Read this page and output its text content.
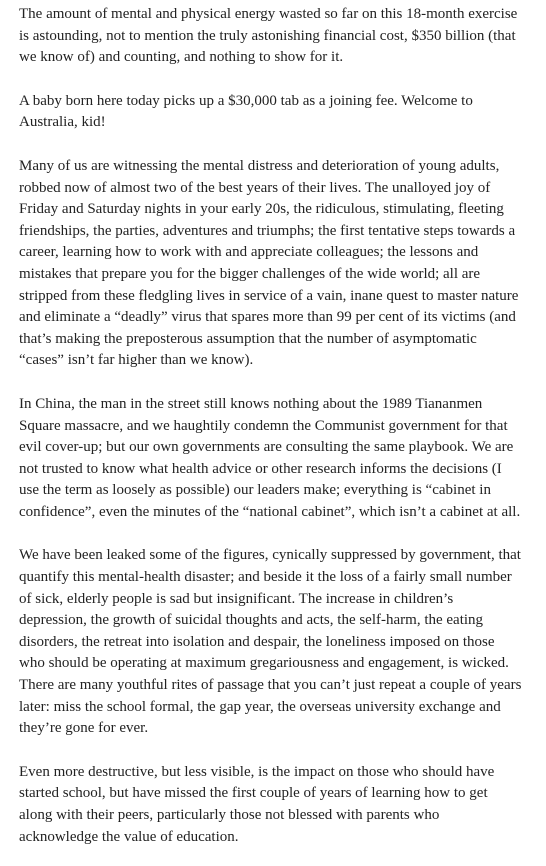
The amount of mental and physical energy wasted so far on this 18-month exercise is astounding, not to mention the truly astonishing financial cost, $350 billion (that we know of) and counting, and nothing to show for it.

A baby born here today picks up a $30,000 tab as a joining fee. Welcome to Australia, kid!

Many of us are witnessing the mental distress and deterioration of young adults, robbed now of almost two of the best years of their lives. The unalloyed joy of Friday and Saturday nights in your early 20s, the ridiculous, stimulating, fleeting friendships, the parties, adventures and triumphs; the first tentative steps towards a career, learning how to work with and appreciate colleagues; the lessons and mistakes that prepare you for the bigger challenges of the wide world; all are stripped from these fledgling lives in service of a vain, inane quest to master nature and eliminate a “deadly” virus that spares more than 99 per cent of its victims (and that’s making the preposterous assumption that the number of asymptomatic “cases” isn’t far higher than we know).

In China, the man in the street still knows nothing about the 1989 Tiananmen Square massacre, and we haughtily condemn the Communist government for that evil cover-up; but our own governments are consulting the same playbook. We are not trusted to know what health advice or other research informs the decisions (I use the term as loosely as possible) our leaders make; everything is “cabinet in confidence”, even the minutes of the “national cabinet”, which isn’t a cabinet at all.

We have been leaked some of the figures, cynically suppressed by government, that quantify this mental-health disaster; and beside it the loss of a fairly small number of sick, elderly people is sad but insignificant. The increase in children’s depression, the growth of suicidal thoughts and acts, the self-harm, the eating disorders, the retreat into isolation and despair, the loneliness imposed on those who should be operating at maximum gregariousness and engagement, is wicked. There are many youthful rites of passage that you can’t just repeat a couple of years later: miss the school formal, the gap year, the overseas university exchange and they’re gone for ever.

Even more destructive, but less visible, is the impact on those who should have started school, but have missed the first couple of years of learning how to get along with their peers, particularly those not blessed with parents who acknowledge the value of education.
